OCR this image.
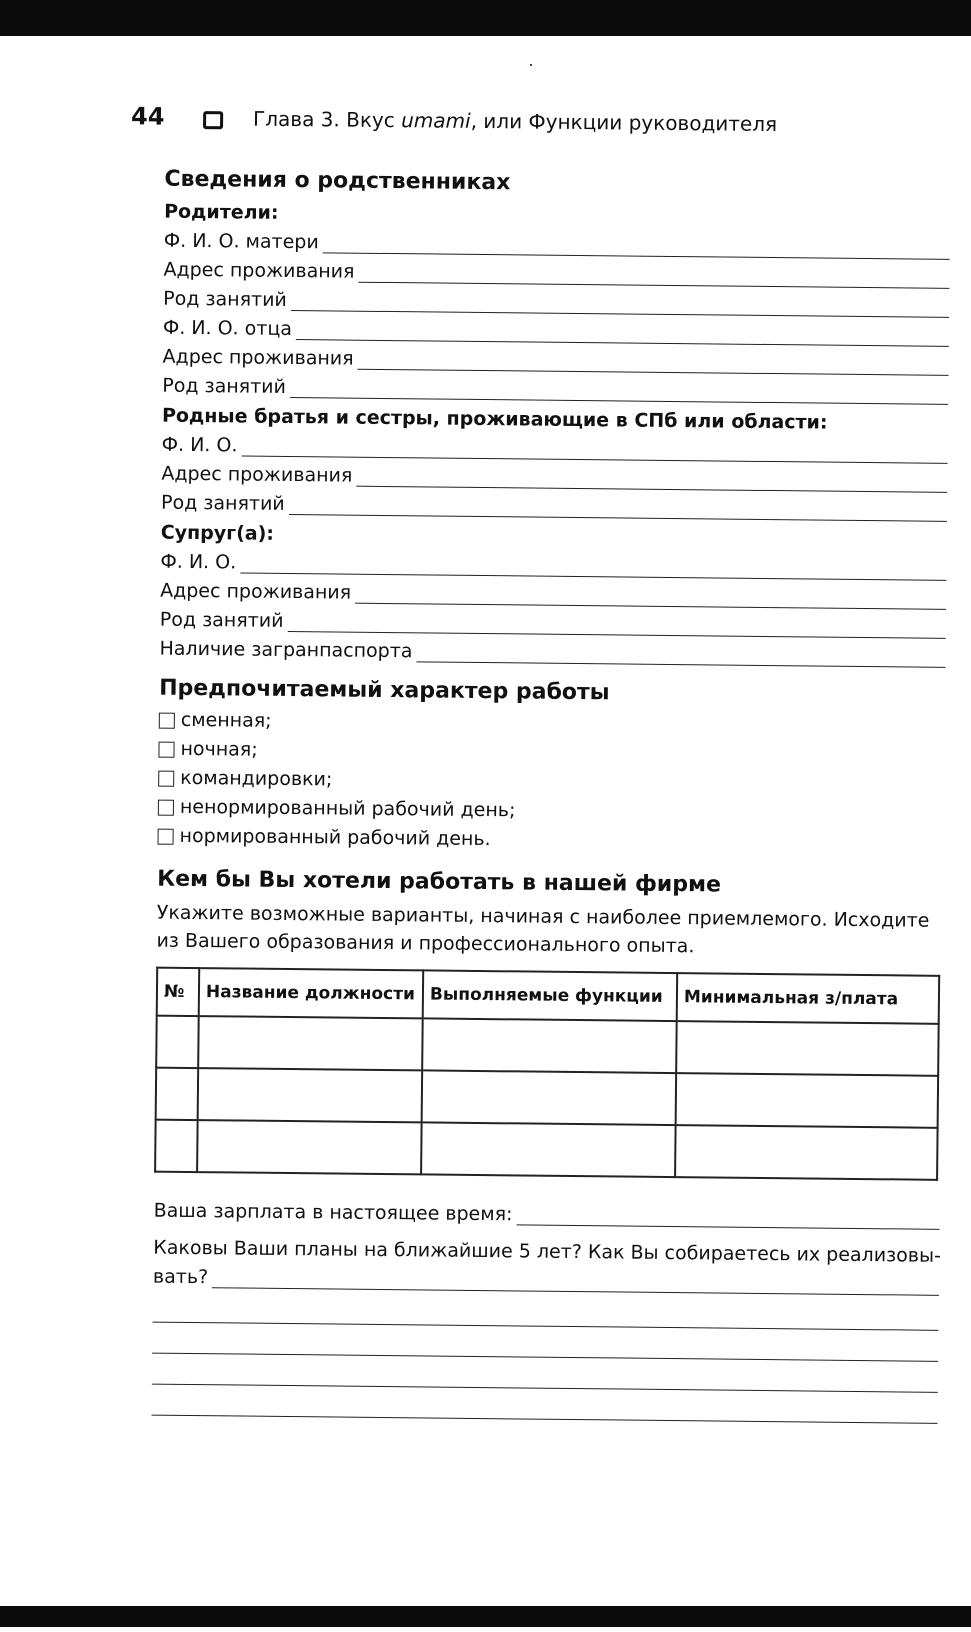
44	Глава 3. Вкус umami, или Функции руководителя
Сведения о родственниках
Родители:
Ф. И. О. матери
Адрес проживания
Род занятий
Ф. И. О. отца
Адрес проживания
Род занятий
Родные братья и сестры, проживающие в СПб или области:
Ф. И. О.
Адрес проживания
Род занятий
Супруг(а):
Ф. И. О.
Адрес проживания
Род занятий
Наличие загранпаспорта
Предпочитаемый характер работы
сменная;
ночная;
командировки;
ненормированный рабочий день;
нормированный рабочий день.
Кем бы Вы хотели работать в нашей фирме

Укажите возможные варианты, начиная с наиболее приемлемого. Исходите из Вашего образования и профессионального опыта.

№	Название должности	Выполняемые функции	Минимальная з/плата

Ваша зарплата в настоящее время:
Каковы Ваши планы на ближайшие 5 лет? Как Вы собираетесь их реализовы-
вать?
